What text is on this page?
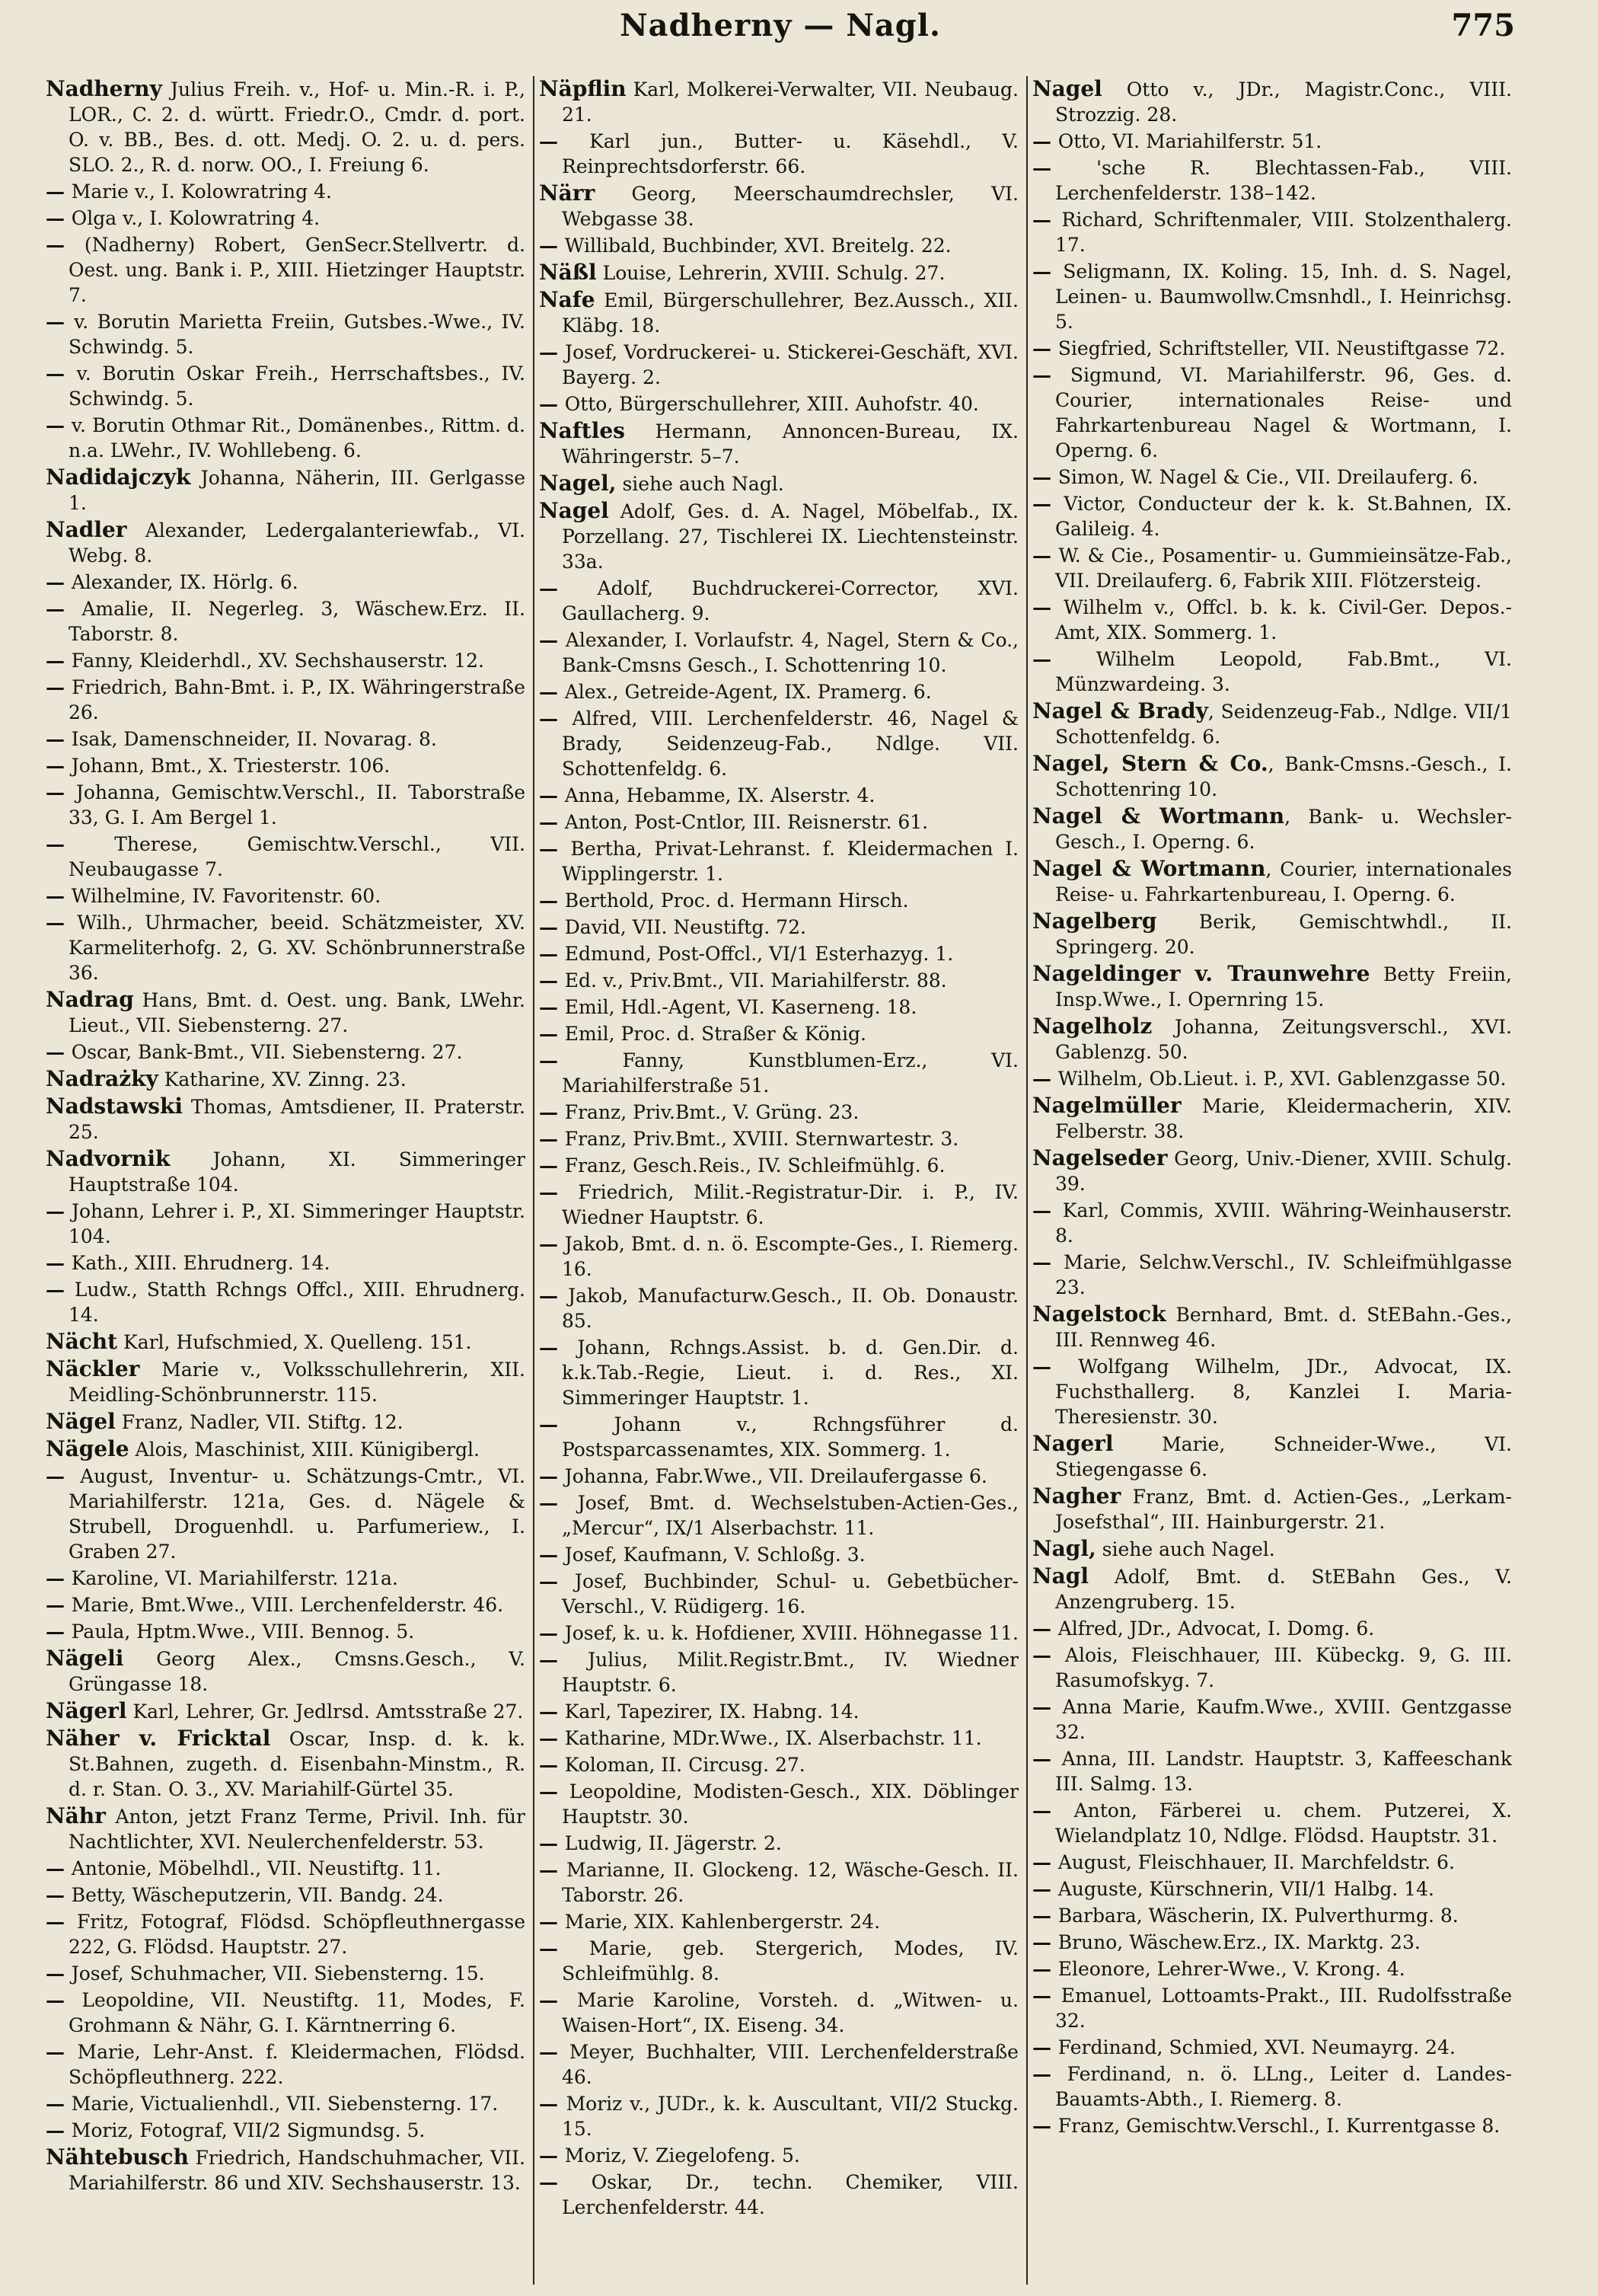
Nadherny — Nagl.	775
Nadherny Julius Freih. v., Hof- u. Min.-R. i. P., LOR., C. 2. d. württ. Friedr.O., Cmdr. d. port. O. v. BB., Bes. d. ott. Medj. O. 2. u. d. pers. SLO. 2., R. d. norw. OO., I. Freiung 6.
— Marie v., I. Kolowratring 4.
— Olga v., I. Kolowratring 4.
— (Nadherny) Robert, GenSecr.Stellvertr. d. Oest. ung. Bank i. P., XIII. Hietzinger Hauptstr. 7.
— v. Borutin Marietta Freiin, Gutsbes.-Wwe., IV. Schwindg. 5.
— v. Borutin Oskar Freih., Herrschaftsbes., IV. Schwindg. 5.
— v. Borutin Othmar Rit., Domänenbes., Rittm. d. n.a. LWehr., IV. Wohllebeng. 6.
Nadidajczyk Johanna, Näherin, III. Gerlgasse 1.
Nadler Alexander, Ledergalanteriewfab., VI. Webg. 8.
— Alexander, IX. Hörlg. 6.
— Amalie, II. Negerleg. 3, Wäschew.Erz. II. Taborstr. 8.
— Fanny, Kleiderhdl., XV. Sechshauserstr. 12.
— Friedrich, Bahn-Bmt. i. P., IX. Währingerstraße 26.
— Isak, Damenschneider, II. Novarag. 8.
— Johann, Bmt., X. Triesterstr. 106.
— Johanna, Gemischtw.Verschl., II. Taborstraße 33, G. I. Am Bergel 1.
— Therese, Gemischtw.Verschl., VII. Neubaugasse 7.
— Wilhelmine, IV. Favoritenstr. 60.
— Wilh., Uhrmacher, beeid. Schätzmeister, XV. Karmeliterhofg. 2, G. XV. Schönbrunnerstraße 36.
Nadrag Hans, Bmt. d. Oest. ung. Bank, LWehr. Lieut., VII. Siebensterng. 27.
— Oscar, Bank-Bmt., VII. Siebensterng. 27.
Nadrażky Katharine, XV. Zinng. 23.
Nadstawski Thomas, Amtsdiener, II. Praterstr. 25.
Nadvornik Johann, XI. Simmeringer Hauptstraße 104.
— Johann, Lehrer i. P., XI. Simmeringer Hauptstr. 104.
— Kath., XIII. Ehrudnerg. 14.
— Ludw., Statth Rchngs Offcl., XIII. Ehrudnerg. 14.
Nächt Karl, Hufschmied, X. Quelleng. 151.
Näckler Marie v., Volksschullehrerin, XII. Meidling-Schönbrunnerstr. 115.
Nägel Franz, Nadler, VII. Stiftg. 12.
Nägele Alois, Maschinist, XIII. Künigibergl.
— August, Inventur- u. Schätzungs-Cmtr., VI. Mariahilferstr. 121a, Ges. d. Nägele & Strubell, Droguenhdl. u. Parfumeriew., I. Graben 27.
— Karoline, VI. Mariahilferstr. 121a.
— Marie, Bmt.Wwe., VIII. Lerchenfelderstr. 46.
— Paula, Hptm.Wwe., VIII. Bennog. 5.
Nägeli Georg Alex., Cmsns.Gesch., V. Grüngasse 18.
Nägerl Karl, Lehrer, Gr. Jedlrsd. Amtsstraße 27.
Näher v. Fricktal Oscar, Insp. d. k. k. St.Bahnen, zugeth. d. Eisenbahn-Minstm., R. d. r. Stan. O. 3., XV. Mariahilf-Gürtel 35.
Nähr Anton, jetzt Franz Terme, Privil. Inh. für Nachtlichter, XVI. Neulerchenfelderstr. 53.
— Antonie, Möbelhdl., VII. Neustiftg. 11.
— Betty, Wäscheputzerin, VII. Bandg. 24.
— Fritz, Fotograf, Flödsd. Schöpfleuthnergasse 222, G. Flödsd. Hauptstr. 27.
— Josef, Schuhmacher, VII. Siebensterng. 15.
— Leopoldine, VII. Neustiftg. 11, Modes, F. Grohmann & Nähr, G. I. Kärntnerring 6.
— Marie, Lehr-Anst. f. Kleidermachen, Flödsd. Schöpfleuthnerg. 222.
— Marie, Victualienhdl., VII. Siebensterng. 17.
— Moriz, Fotograf, VII/2 Sigmundsg. 5.
Nähtebusch Friedrich, Handschuhmacher, VII. Mariahilferstr. 86 und XIV. Sechshauserstr. 13.
Näpflin Karl, Molkerei-Verwalter, VII. Neubaug. 21.
— Karl jun., Butter- u. Käsehdl., V. Reinprechtsdorferstr. 66.
Närr Georg, Meerschaumdrechsler, VI. Webgasse 38.
— Willibald, Buchbinder, XVI. Breitelg. 22.
Näßl Louise, Lehrerin, XVIII. Schulg. 27.
Nafe Emil, Bürgerschullehrer, Bez.Aussch., XII. Kläbg. 18.
— Josef, Vordruckerei- u. Stickerei-Geschäft, XVI. Bayerg. 2.
— Otto, Bürgerschullehrer, XIII. Auhofstr. 40.
Naftles Hermann, Annoncen-Bureau, IX. Währingerstr. 5–7.
Nagel, siehe auch Nagl.
Nagel Adolf, Ges. d. A. Nagel, Möbelfab., IX. Porzellang. 27, Tischlerei IX. Liechtensteinstr. 33a.
— Adolf, Buchdruckerei-Corrector, XVI. Gaullacherg. 9.
— Alexander, I. Vorlaufstr. 4, Nagel, Stern & Co., Bank-Cmsns Gesch., I. Schottenring 10.
— Alex., Getreide-Agent, IX. Pramerg. 6.
— Alfred, VIII. Lerchenfelderstr. 46, Nagel & Brady, Seidenzeug-Fab., Ndlge. VII. Schottenfeldg. 6.
— Anna, Hebamme, IX. Alserstr. 4.
— Anton, Post-Cntlor, III. Reisnerstr. 61.
— Bertha, Privat-Lehranst. f. Kleidermachen I. Wipplingerstr. 1.
— Berthold, Proc. d. Hermann Hirsch.
— David, VII. Neustiftg. 72.
— Edmund, Post-Offcl., VI/1 Esterhazyg. 1.
— Ed. v., Priv.Bmt., VII. Mariahilferstr. 88.
— Emil, Hdl.-Agent, VI. Kaserneng. 18.
— Emil, Proc. d. Straßer & König.
— Fanny, Kunstblumen-Erz., VI. Mariahilferstraße 51.
— Franz, Priv.Bmt., V. Grüng. 23.
— Franz, Priv.Bmt., XVIII. Sternwartestr. 3.
— Franz, Gesch.Reis., IV. Schleifmühlg. 6.
— Friedrich, Milit.-Registratur-Dir. i. P., IV. Wiedner Hauptstr. 6.
— Jakob, Bmt. d. n. ö. Escompte-Ges., I. Riemerg. 16.
— Jakob, Manufacturw.Gesch., II. Ob. Donaustr. 85.
— Johann, Rchngs.Assist. b. d. Gen.Dir. d. k.k.Tab.-Regie, Lieut. i. d. Res., XI. Simmeringer Hauptstr. 1.
— Johann v., Rchngsführer d. Postsparcassenamtes, XIX. Sommerg. 1.
— Johanna, Fabr.Wwe., VII. Dreilaufergasse 6.
— Josef, Bmt. d. Wechselstuben-Actien-Ges., „Mercur“, IX/1 Alserbachstr. 11.
— Josef, Kaufmann, V. Schloßg. 3.
— Josef, Buchbinder, Schul- u. Gebetbücher-Verschl., V. Rüdigerg. 16.
— Josef, k. u. k. Hofdiener, XVIII. Höhnegasse 11.
— Julius, Milit.Registr.Bmt., IV. Wiedner Hauptstr. 6.
— Karl, Tapezirer, IX. Habng. 14.
— Katharine, MDr.Wwe., IX. Alserbachstr. 11.
— Koloman, II. Circusg. 27.
— Leopoldine, Modisten-Gesch., XIX. Döblinger Hauptstr. 30.
— Ludwig, II. Jägerstr. 2.
— Marianne, II. Glockeng. 12, Wäsche-Gesch. II. Taborstr. 26.
— Marie, XIX. Kahlenbergerstr. 24.
— Marie, geb. Stergerich, Modes, IV. Schleifmühlg. 8.
— Marie Karoline, Vorsteh. d. „Witwen- u. Waisen-Hort“, IX. Eiseng. 34.
— Meyer, Buchhalter, VIII. Lerchenfelderstraße 46.
— Moriz v., JUDr., k. k. Auscultant, VII/2 Stuckg. 15.
— Moriz, V. Ziegelofeng. 5.
— Oskar, Dr., techn. Chemiker, VIII. Lerchenfelderstr. 44.
Nagel Otto v., JDr., Magistr.Conc., VIII. Strozzig. 28.
— Otto, VI. Mariahilferstr. 51.
— 'sche R. Blechtassen-Fab., VIII. Lerchenfelderstr. 138–142.
— Richard, Schriftenmaler, VIII. Stolzenthalerg. 17.
— Seligmann, IX. Koling. 15, Inh. d. S. Nagel, Leinen- u. Baumwollw.Cmsnhdl., I. Heinrichsg. 5.
— Siegfried, Schriftsteller, VII. Neustiftgasse 72.
— Sigmund, VI. Mariahilferstr. 96, Ges. d. Courier, internationales Reise- und Fahrkartenbureau Nagel & Wortmann, I. Operng. 6.
— Simon, W. Nagel & Cie., VII. Dreilauferg. 6.
— Victor, Conducteur der k. k. St.Bahnen, IX. Galileig. 4.
— W. & Cie., Posamentir- u. Gummieinsätze-Fab., VII. Dreilauferg. 6, Fabrik XIII. Flötzersteig.
— Wilhelm v., Offcl. b. k. k. Civil-Ger. Depos.-Amt, XIX. Sommerg. 1.
— Wilhelm Leopold, Fab.Bmt., VI. Münzwardeing. 3.
Nagel & Brady, Seidenzeug-Fab., Ndlge. VII/1 Schottenfeldg. 6.
Nagel, Stern & Co., Bank-Cmsns.-Gesch., I. Schottenring 10.
Nagel & Wortmann, Bank- u. Wechsler-Gesch., I. Operng. 6.
Nagel & Wortmann, Courier, internationales Reise- u. Fahrkartenbureau, I. Operng. 6.
Nagelberg Berik, Gemischtwhdl., II. Springerg. 20.
Nageldinger v. Traunwehre Betty Freiin, Insp.Wwe., I. Opernring 15.
Nagelholz Johanna, Zeitungsverschl., XVI. Gablenzg. 50.
— Wilhelm, Ob.Lieut. i. P., XVI. Gablenzgasse 50.
Nagelmüller Marie, Kleidermacherin, XIV. Felberstr. 38.
Nagelseder Georg, Univ.-Diener, XVIII. Schulg. 39.
— Karl, Commis, XVIII. Währing-Weinhauserstr. 8.
— Marie, Selchw.Verschl., IV. Schleifmühlgasse 23.
Nagelstock Bernhard, Bmt. d. StEBahn.-Ges., III. Rennweg 46.
— Wolfgang Wilhelm, JDr., Advocat, IX. Fuchsthallerg. 8, Kanzlei I. Maria-Theresienstr. 30.
Nagerl Marie, Schneider-Wwe., VI. Stiegengasse 6.
Nagher Franz, Bmt. d. Actien-Ges., „Lerkam-Josefsthal“, III. Hainburgerstr. 21.
Nagl, siehe auch Nagel.
Nagl Adolf, Bmt. d. StEBahn Ges., V. Anzengruberg. 15.
— Alfred, JDr., Advocat, I. Domg. 6.
— Alois, Fleischhauer, III. Kübeckg. 9, G. III. Rasumofskyg. 7.
— Anna Marie, Kaufm.Wwe., XVIII. Gentzgasse 32.
— Anna, III. Landstr. Hauptstr. 3, Kaffeeschank III. Salmg. 13.
— Anton, Färberei u. chem. Putzerei, X. Wielandplatz 10, Ndlge. Flödsd. Hauptstr. 31.
— August, Fleischhauer, II. Marchfeldstr. 6.
— Auguste, Kürschnerin, VII/1 Halbg. 14.
— Barbara, Wäscherin, IX. Pulverthurmg. 8.
— Bruno, Wäschew.Erz., IX. Marktg. 23.
— Eleonore, Lehrer-Wwe., V. Krong. 4.
— Emanuel, Lottoamts-Prakt., III. Rudolfsstraße 32.
— Ferdinand, Schmied, XVI. Neumayrg. 24.
— Ferdinand, n. ö. LLng., Leiter d. Landes-Bauamts-Abth., I. Riemerg. 8.
— Franz, Gemischtw.Verschl., I. Kurrentgasse 8.
